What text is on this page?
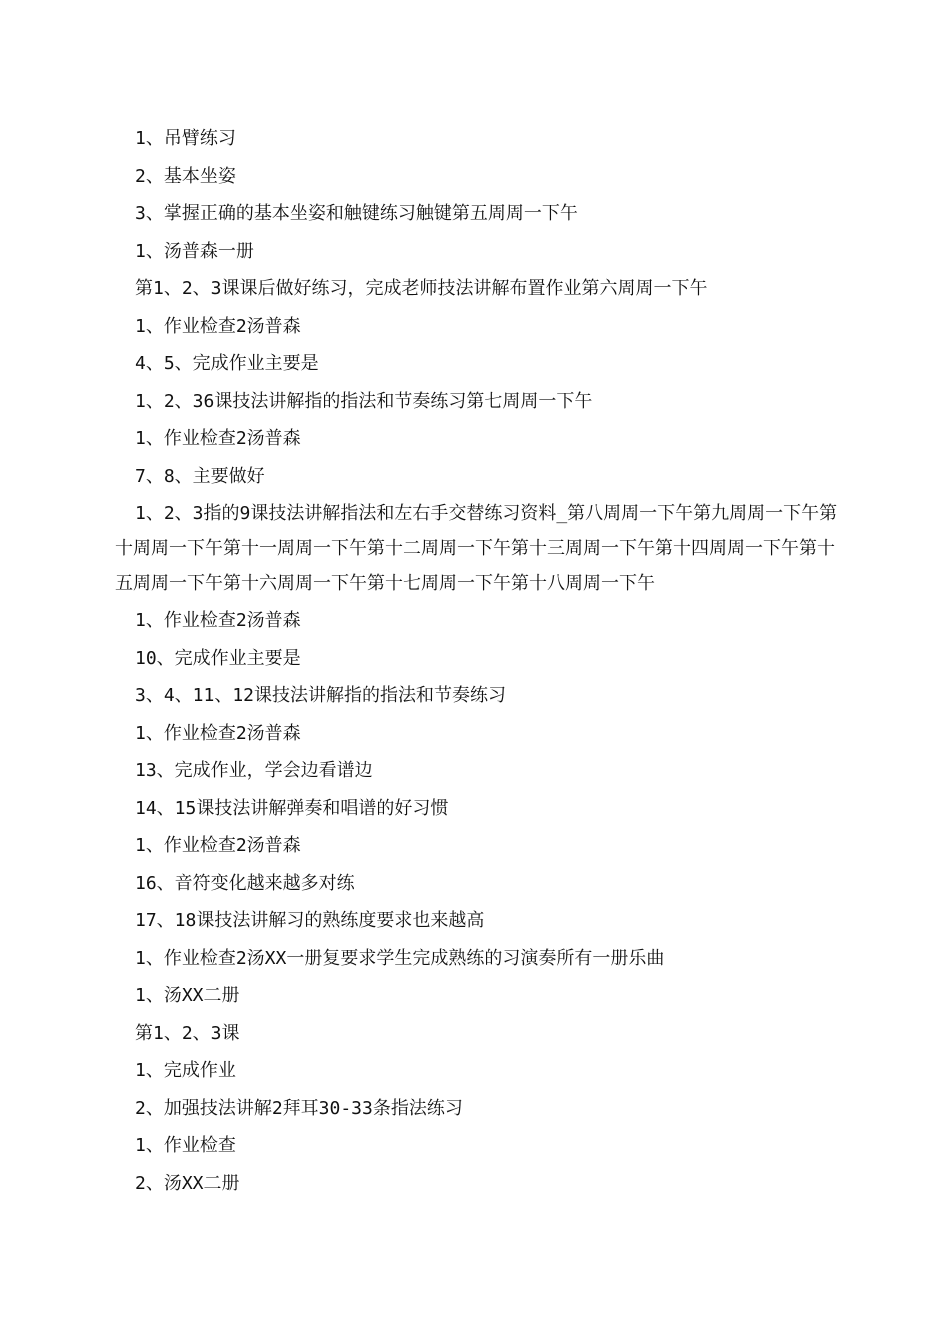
1、吊臂练习
2、基本坐姿
3、掌握正确的基本坐姿和触键练习触键第五周周一下午
1、汤普森一册
第1、2、3课课后做好练习，完成老师技法讲解布置作业第六周周一下午
1、作业检查2汤普森
4、5、完成作业主要是
1、2、36课技法讲解指的指法和节奏练习第七周周一下午
1、作业检查2汤普森
7、8、主要做好
1、2、3指的9课技法讲解指法和左右手交替练习资料_第八周周一下午第九周周一下午第十周周一下午第十一周周一下午第十二周周一下午第十三周周一下午第十四周周一下午第十五周周一下午第十六周周一下午第十七周周一下午第十八周周一下午
1、作业检查2汤普森
10、完成作业主要是
3、4、11、12课技法讲解指的指法和节奏练习
1、作业检查2汤普森
13、完成作业，学会边看谱边
14、15课技法讲解弹奏和唱谱的好习惯
1、作业检查2汤普森
16、音符变化越来越多对练
17、18课技法讲解习的熟练度要求也来越高
1、作业检查2汤XX一册复要求学生完成熟练的习演奏所有一册乐曲
1、汤XX二册
第1、2、3课
1、完成作业
2、加强技法讲解2拜耳30-33条指法练习
1、作业检查
2、汤XX二册
